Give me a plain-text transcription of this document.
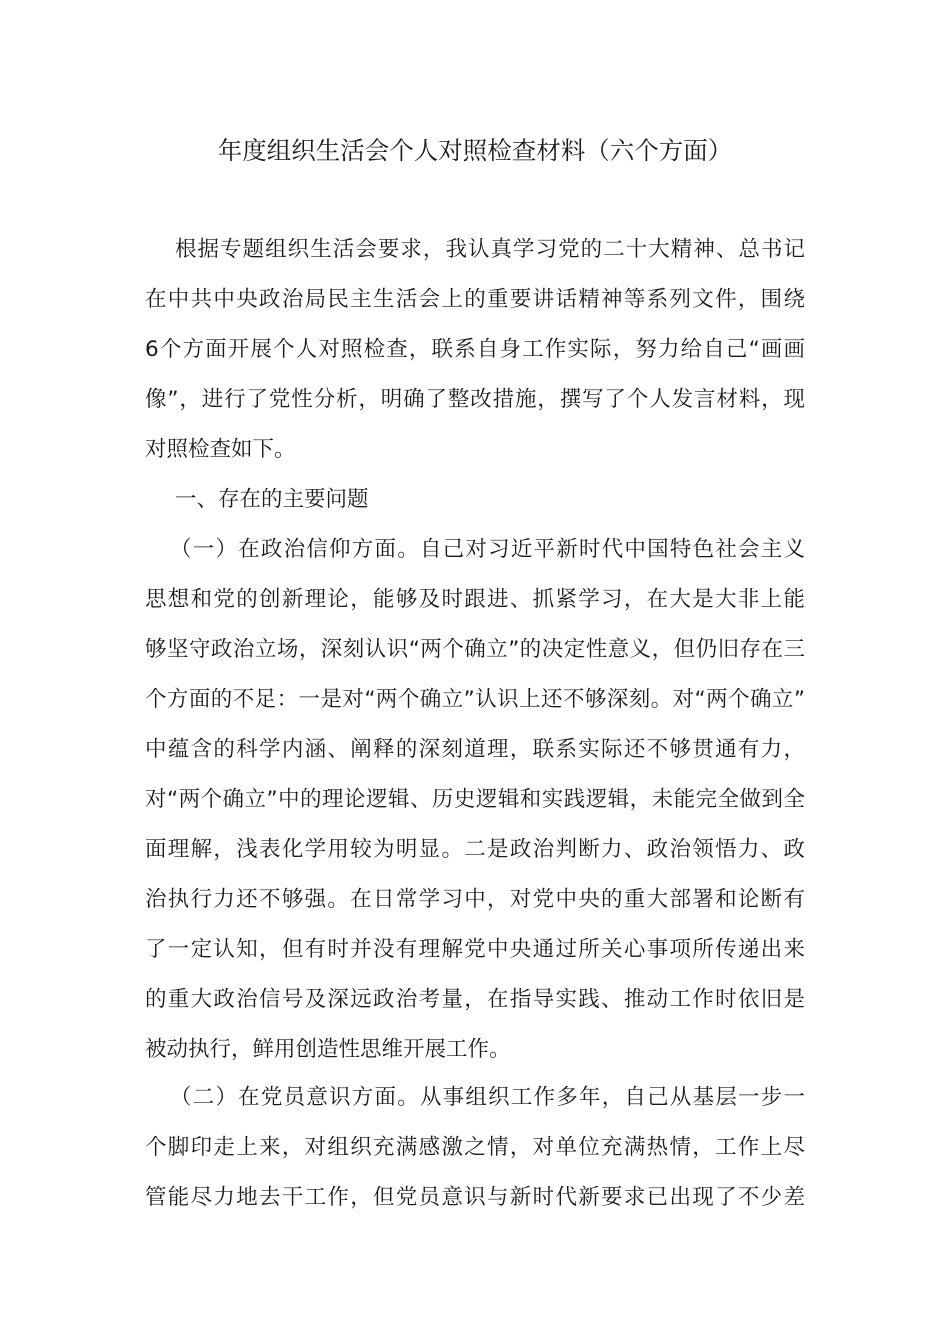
年度组织生活会个人对照检查材料（六个方面）
根据专题组织生活会要求，我认真学习党的二十大精神、总书记
在中共中央政治局民主生活会上的重要讲话精神等系列文件，围绕
6个方面开展个人对照检查，联系自身工作实际，努力给自己“画画
像”，进行了党性分析，明确了整改措施，撰写了个人发言材料，现
对照检查如下。
一、存在的主要问题
（一）在政治信仰方面。自己对习近平新时代中国特色社会主义
思想和党的创新理论，能够及时跟进、抓紧学习，在大是大非上能
够坚守政治立场，深刻认识“两个确立”的决定性意义，但仍旧存在三
个方面的不足：一是对“两个确立”认识上还不够深刻。对“两个确立”
中蕴含的科学内涵、阐释的深刻道理，联系实际还不够贯通有力，
对“两个确立”中的理论逻辑、历史逻辑和实践逻辑，未能完全做到全
面理解，浅表化学用较为明显。二是政治判断力、政治领悟力、政
治执行力还不够强。在日常学习中，对党中央的重大部署和论断有
了一定认知，但有时并没有理解党中央通过所关心事项所传递出来
的重大政治信号及深远政治考量，在指导实践、推动工作时依旧是
被动执行，鲜用创造性思维开展工作。
（二）在党员意识方面。从事组织工作多年，自己从基层一步一
个脚印走上来，对组织充满感激之情，对单位充满热情，工作上尽
管能尽力地去干工作，但党员意识与新时代新要求已出现了不少差
